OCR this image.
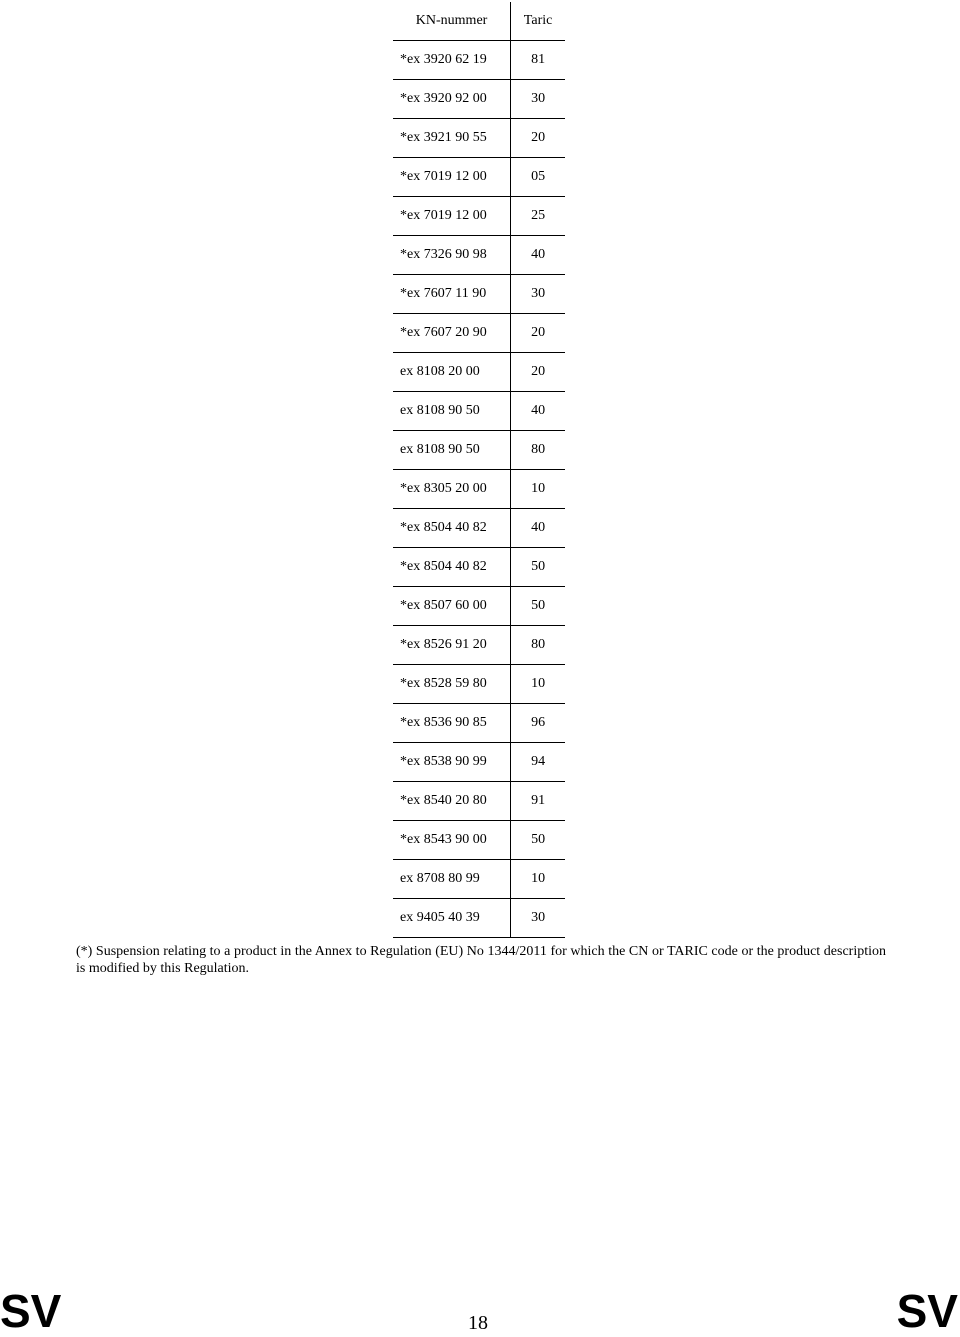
KN-nummer	Taric
*ex 3920 62 19	81
*ex 3920 92 00	30
*ex 3921 90 55	20
*ex 7019 12 00	05
*ex 7019 12 00	25
*ex 7326 90 98	40
*ex 7607 11 90	30
*ex 7607 20 90	20
ex 8108 20 00	20
ex 8108 90 50	40
ex 8108 90 50	80
*ex 8305 20 00	10
*ex 8504 40 82	40
*ex 8504 40 82	50
*ex 8507 60 00	50
*ex 8526 91 20	80
*ex 8528 59 80	10
*ex 8536 90 85	96
*ex 8538 90 99	94
*ex 8540 20 80	91
*ex 8543 90 00	50
ex 8708 80 99	10
ex 9405 40 39	30
(*) Suspension relating to a product in the Annex to Regulation (EU) No 1344/2011 for which the CN or TARIC code or the product description is modified by this Regulation.
SV	18	SV
